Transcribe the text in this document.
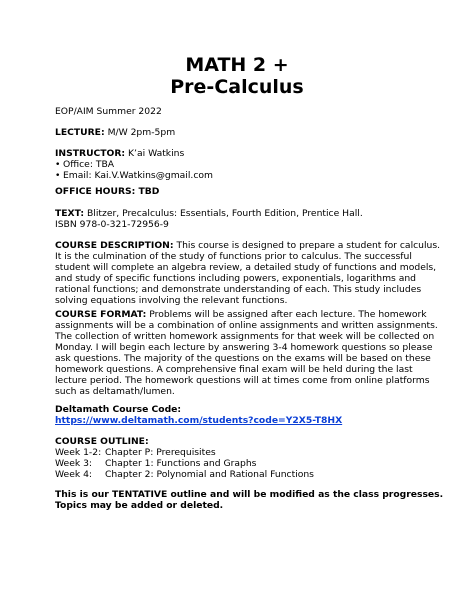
MATH 2 +
Pre-Calculus
EOP/AIM Summer 2022
LECTURE: M/W 2pm-5pm
INSTRUCTOR: K’ai Watkins
• Office: TBA
• Email: Kai.V.Watkins@gmail.com
OFFICE HOURS: TBD
TEXT: Blitzer, Precalculus: Essentials, Fourth Edition, Prentice Hall.
ISBN 978-0-321-72956-9
COURSE DESCRIPTION: This course is designed to prepare a student for calculus.
It is the culmination of the study of functions prior to calculus. The successful
student will complete an algebra review, a detailed study of functions and models,
and study of specific functions including powers, exponentials, logarithms and
rational functions; and demonstrate understanding of each. This study includes
solving equations involving the relevant functions.
COURSE FORMAT: Problems will be assigned after each lecture. The homework
assignments will be a combination of online assignments and written assignments.
The collection of written homework assignments for that week will be collected on
Monday. I will begin each lecture by answering 3-4 homework questions so please
ask questions. The majority of the questions on the exams will be based on these
homework questions. A comprehensive final exam will be held during the last
lecture period. The homework questions will at times come from online platforms
such as deltamath/lumen.
Deltamath Course Code:
https://www.deltamath.com/students?code=Y2X5-T8HX
COURSE OUTLINE:
Week 1-2: Chapter P: Prerequisites
Week 3: Chapter 1: Functions and Graphs
Week 4: Chapter 2: Polynomial and Rational Functions
This is our TENTATIVE outline and will be modified as the class progresses.
Topics may be added or deleted.
